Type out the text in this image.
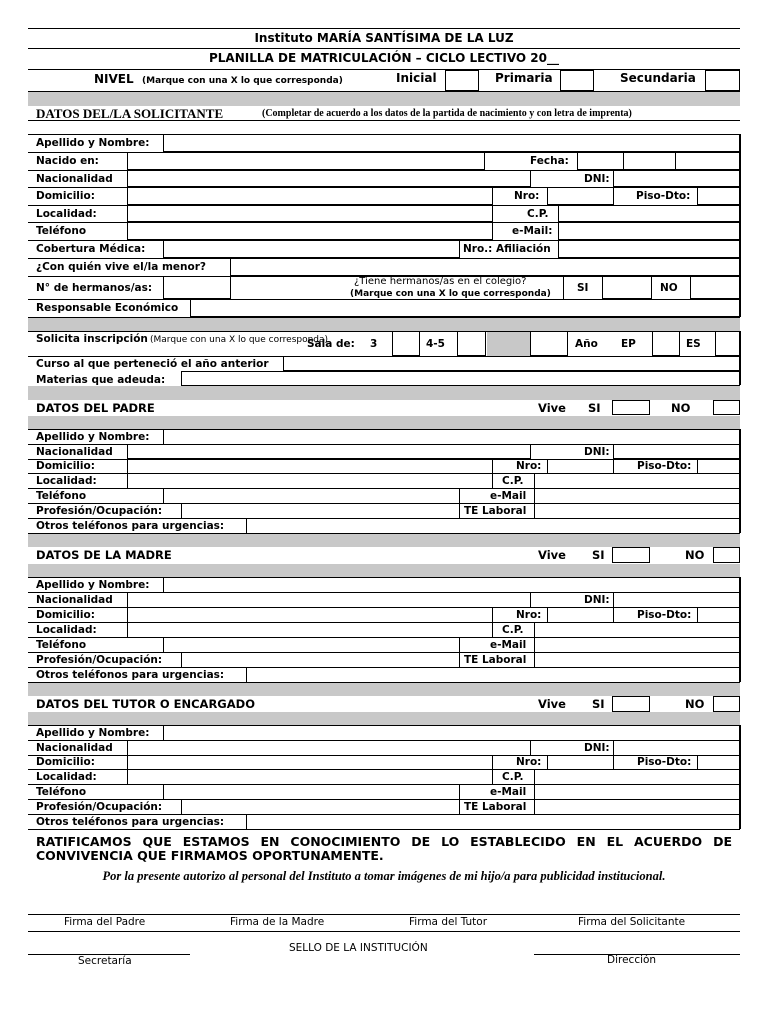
Instituto MARÍA SANTÍSIMA DE LA LUZ
PLANILLA DE MATRICULACIÓN – CICLO LECTIVO 20__
NIVEL (Marque con una X lo que corresponda)	Inicial	Primaria	Secundaria
DATOS DEL/LA SOLICITANTE	(Completar de acuerdo a los datos de la partida de nacimiento y con letra de imprenta)
Apellido y Nombre:
Nacido en:	Fecha:
Nacionalidad	DNI:
Domicilio:	Nro:	Piso-Dto:
Localidad:	C.P.
Teléfono	e-Mail:
Cobertura Médica:	Nro.: Afiliación
¿Con quién vive el/la menor?
N° de hermanos/as:
¿Tiene hermanos/as en el colegio?
(Marque con una X lo que corresponda) SI	NO
Responsable Económico
Solicita inscripción (Marque con una X lo que corresponda)
Sala de: 3	4-5	Año EP	ES
Curso al que perteneció el año anterior
Materias que adeuda:
DATOS DEL PADRE	Vive SI	NO
Apellido y Nombre:
Nacionalidad	DNI:
Domicilio:	Nro:	Piso-Dto:
Localidad:	C.P.
Teléfono	e-Mail
Profesión/Ocupación:	TE Laboral
Otros teléfonos para urgencias:
DATOS DE LA MADRE	Vive SI	NO
Apellido y Nombre:
Nacionalidad	DNI:
Domicilio:	Nro:	Piso-Dto:
Localidad:	C.P.
Teléfono	e-Mail
Profesión/Ocupación:	TE Laboral
Otros teléfonos para urgencias:
DATOS DEL TUTOR O ENCARGADO	Vive SI	NO
Apellido y Nombre:
Nacionalidad	DNI:
Domicilio:	Nro:	Piso-Dto:
Localidad:	C.P.
Teléfono	e-Mail
Profesión/Ocupación:	TE Laboral
Otros teléfonos para urgencias:
RATIFICAMOS QUE ESTAMOS EN CONOCIMIENTO DE LO ESTABLECIDO EN EL ACUERDO DE CONVIVENCIA QUE FIRMAMOS OPORTUNAMENTE.
Por la presente autorizo al personal del Instituto a tomar imágenes de mi hijo/a para publicidad institucional.
Firma del Padre	Firma de la Madre	Firma del Tutor	Firma del Solicitante
SELLO DE LA INSTITUCIÓN
Secretaría	Dirección
